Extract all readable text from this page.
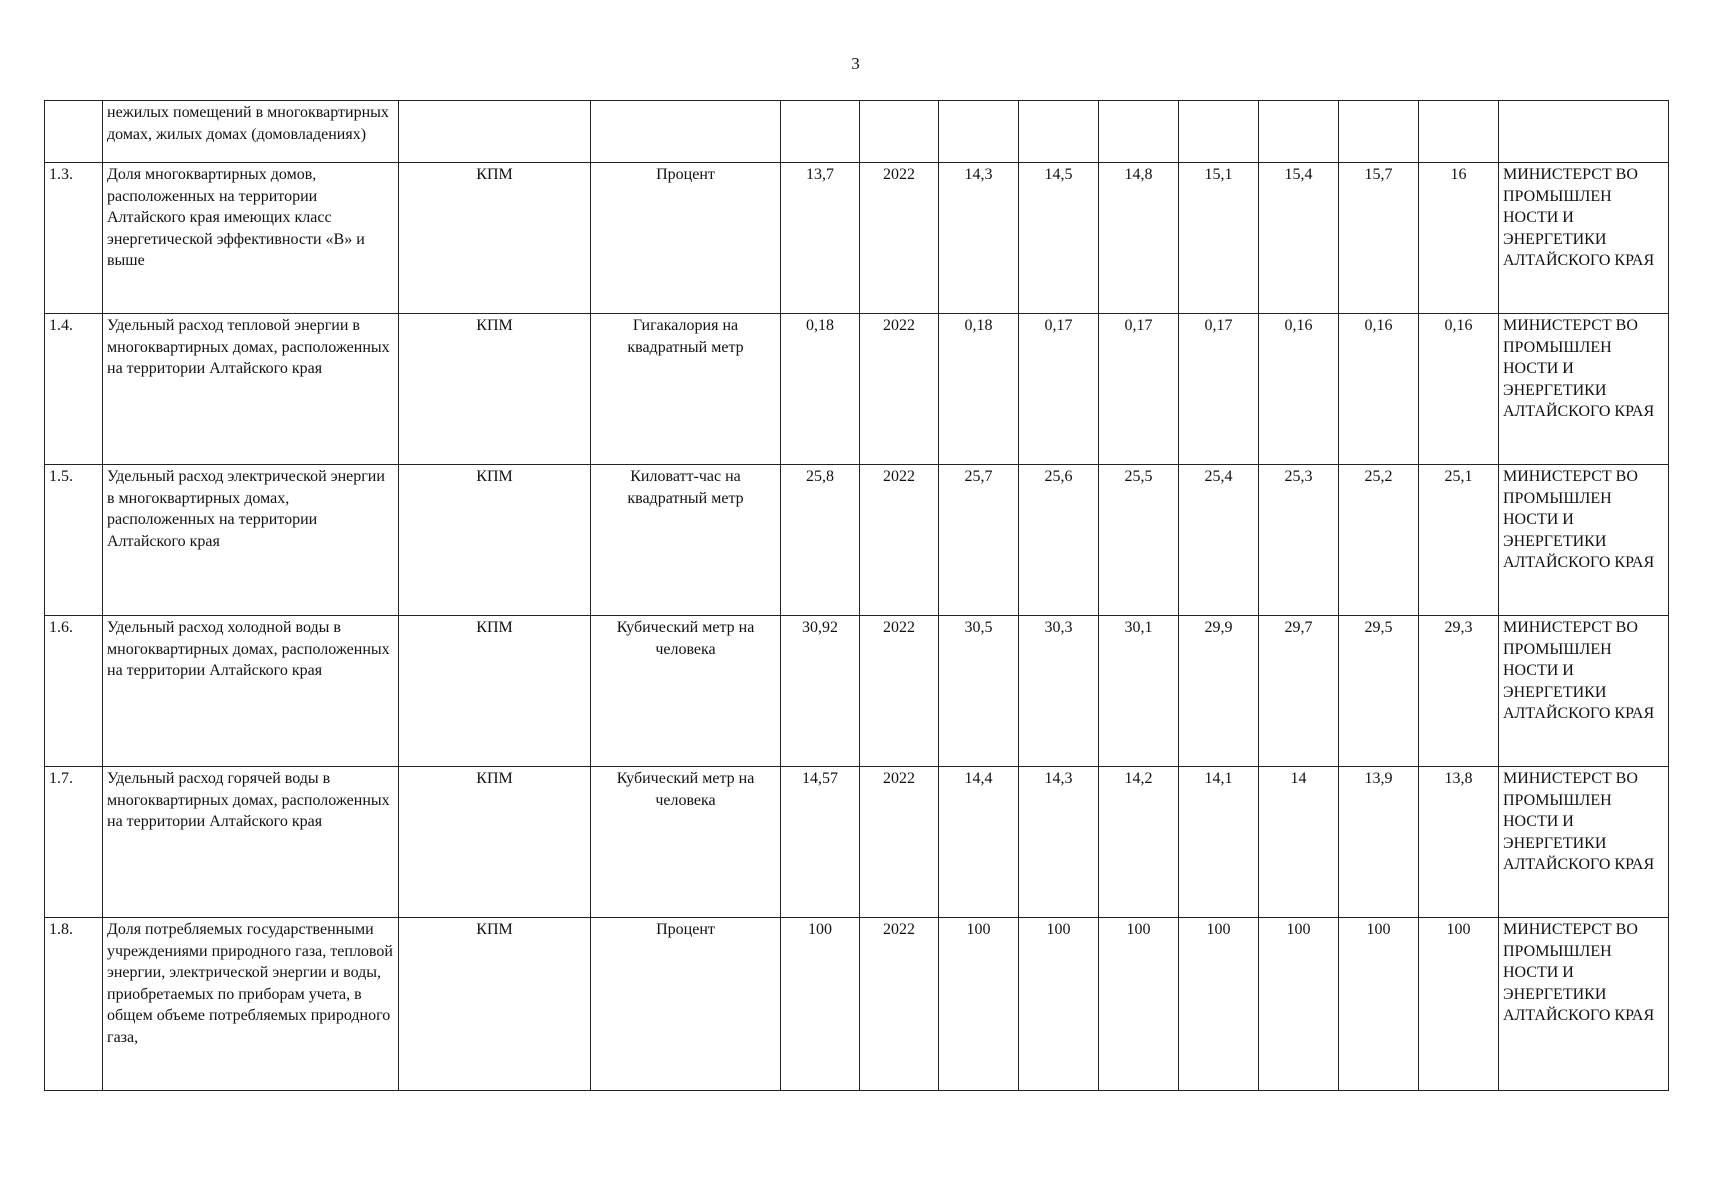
3

	нежилых помещений в многоквартирных домах, жилых домах (домовладениях)												

1.3.	Доля многоквартирных домов, расположенных на территории Алтайского края имеющих класс энергетической эффективности «В» и выше	КПМ	Процент	13,7	2022	14,3	14,5	14,8	15,1	15,4	15,7	16	МИНИСТЕРСТ ВО ПРОМЫШЛЕН НОСТИ И ЭНЕРГЕТИКИ АЛТАЙСКОГО КРАЯ
1.4.	Удельный расход тепловой энергии в многоквартирных домах, расположенных на территории Алтайского края	КПМ	Гигакалория на квадратный метр	0,18	2022	0,18	0,17	0,17	0,17	0,16	0,16	0,16	МИНИСТЕРСТ ВО ПРОМЫШЛЕН НОСТИ И ЭНЕРГЕТИКИ АЛТАЙСКОГО КРАЯ
1.5.	Удельный расход электрической энергии в многоквартирных домах, расположенных на территории Алтайского края	КПМ	Киловатт-час на квадратный метр	25,8	2022	25,7	25,6	25,5	25,4	25,3	25,2	25,1	МИНИСТЕРСТ ВО ПРОМЫШЛЕН НОСТИ И ЭНЕРГЕТИКИ АЛТАЙСКОГО КРАЯ
1.6.	Удельный расход холодной воды в многоквартирных домах, расположенных на территории Алтайского края	КПМ	Кубический метр на человека	30,92	2022	30,5	30,3	30,1	29,9	29,7	29,5	29,3	МИНИСТЕРСТ ВО ПРОМЫШЛЕН НОСТИ И ЭНЕРГЕТИКИ АЛТАЙСКОГО КРАЯ
1.7.	Удельный расход горячей воды в многоквартирных домах, расположенных на территории Алтайского края	КПМ	Кубический метр на человека	14,57	2022	14,4	14,3	14,2	14,1	14	13,9	13,8	МИНИСТЕРСТ ВО ПРОМЫШЛЕН НОСТИ И ЭНЕРГЕТИКИ АЛТАЙСКОГО КРАЯ
1.8.	Доля потребляемых государственными учреждениями природного газа, тепловой энергии, электрической энергии и воды, приобретаемых по приборам учета, в общем объеме потребляемых природного газа,	КПМ	Процент	100	2022	100	100	100	100	100	100	100	МИНИСТЕРСТ ВО ПРОМЫШЛЕН НОСТИ И ЭНЕРГЕТИКИ АЛТАЙСКОГО КРАЯ
